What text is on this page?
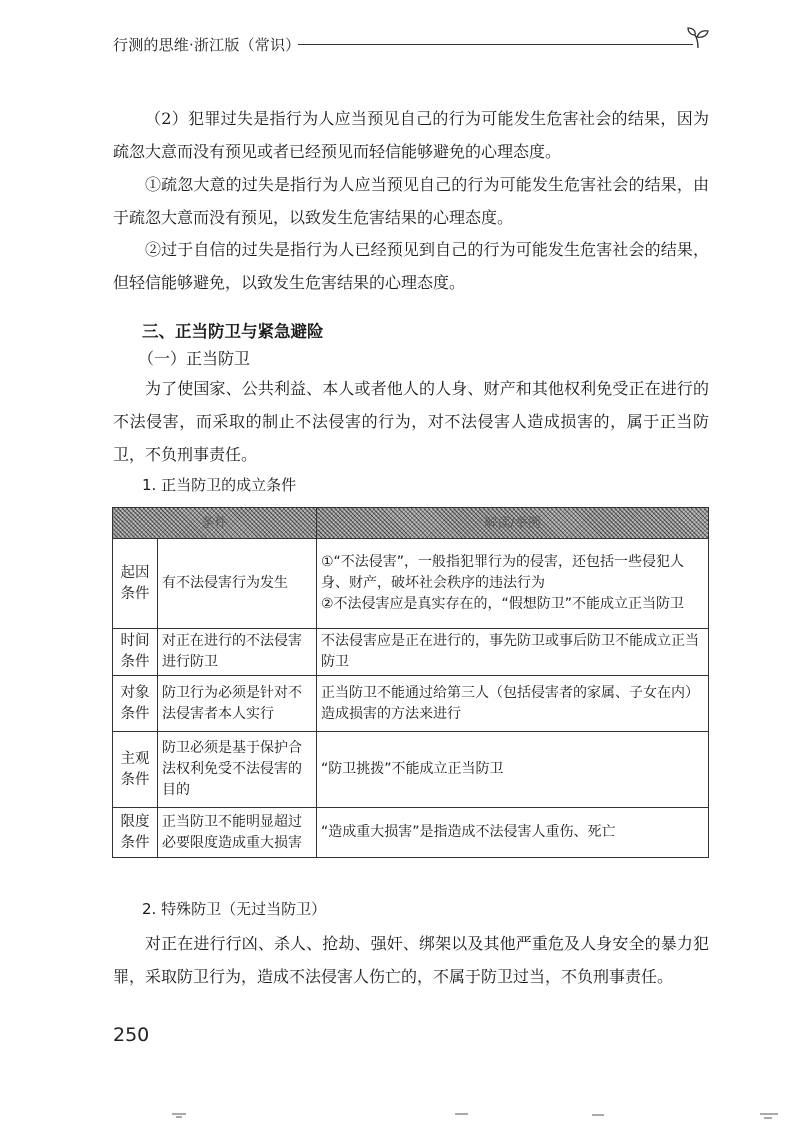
行测的思维·浙江版（常识）
（2）犯罪过失是指行为人应当预见自己的行为可能发生危害社会的结果，因为疏忽大意而没有预见或者已经预见而轻信能够避免的心理态度。
①疏忽大意的过失是指行为人应当预见自己的行为可能发生危害社会的结果，由于疏忽大意而没有预见，以致发生危害结果的心理态度。
②过于自信的过失是指行为人已经预见到自己的行为可能发生危害社会的结果，但轻信能够避免，以致发生危害结果的心理态度。
三、正当防卫与紧急避险
（一）正当防卫
为了使国家、公共利益、本人或者他人的人身、财产和其他权利免受正在进行的不法侵害，而采取的制止不法侵害的行为，对不法侵害人造成损害的，属于正当防卫，不负刑事责任。
1. 正当防卫的成立条件
条件		解读/举例
起因条件	有不法侵害行为发生	①“不法侵害”，一般指犯罪行为的侵害，还包括一些侵犯人身、财产，破坏社会秩序的违法行为
②不法侵害应是真实存在的，“假想防卫”不能成立正当防卫

时间条件	对正在进行的不法侵害进行防卫	不法侵害应是正在进行的，事先防卫或事后防卫不能成立正当防卫
对象条件	防卫行为必须是针对不法侵害者本人实行	正当防卫不能通过给第三人（包括侵害者的家属、子女在内）造成损害的方法来进行
主观条件	防卫必须是基于保护合法权利免受不法侵害的目的	“防卫挑拨”不能成立正当防卫
限度条件	正当防卫不能明显超过必要限度造成重大损害	“造成重大损害”是指造成不法侵害人重伤、死亡
2. 特殊防卫（无过当防卫）
对正在进行行凶、杀人、抢劫、强奸、绑架以及其他严重危及人身安全的暴力犯罪，采取防卫行为，造成不法侵害人伤亡的，不属于防卫过当，不负刑事责任。
250
